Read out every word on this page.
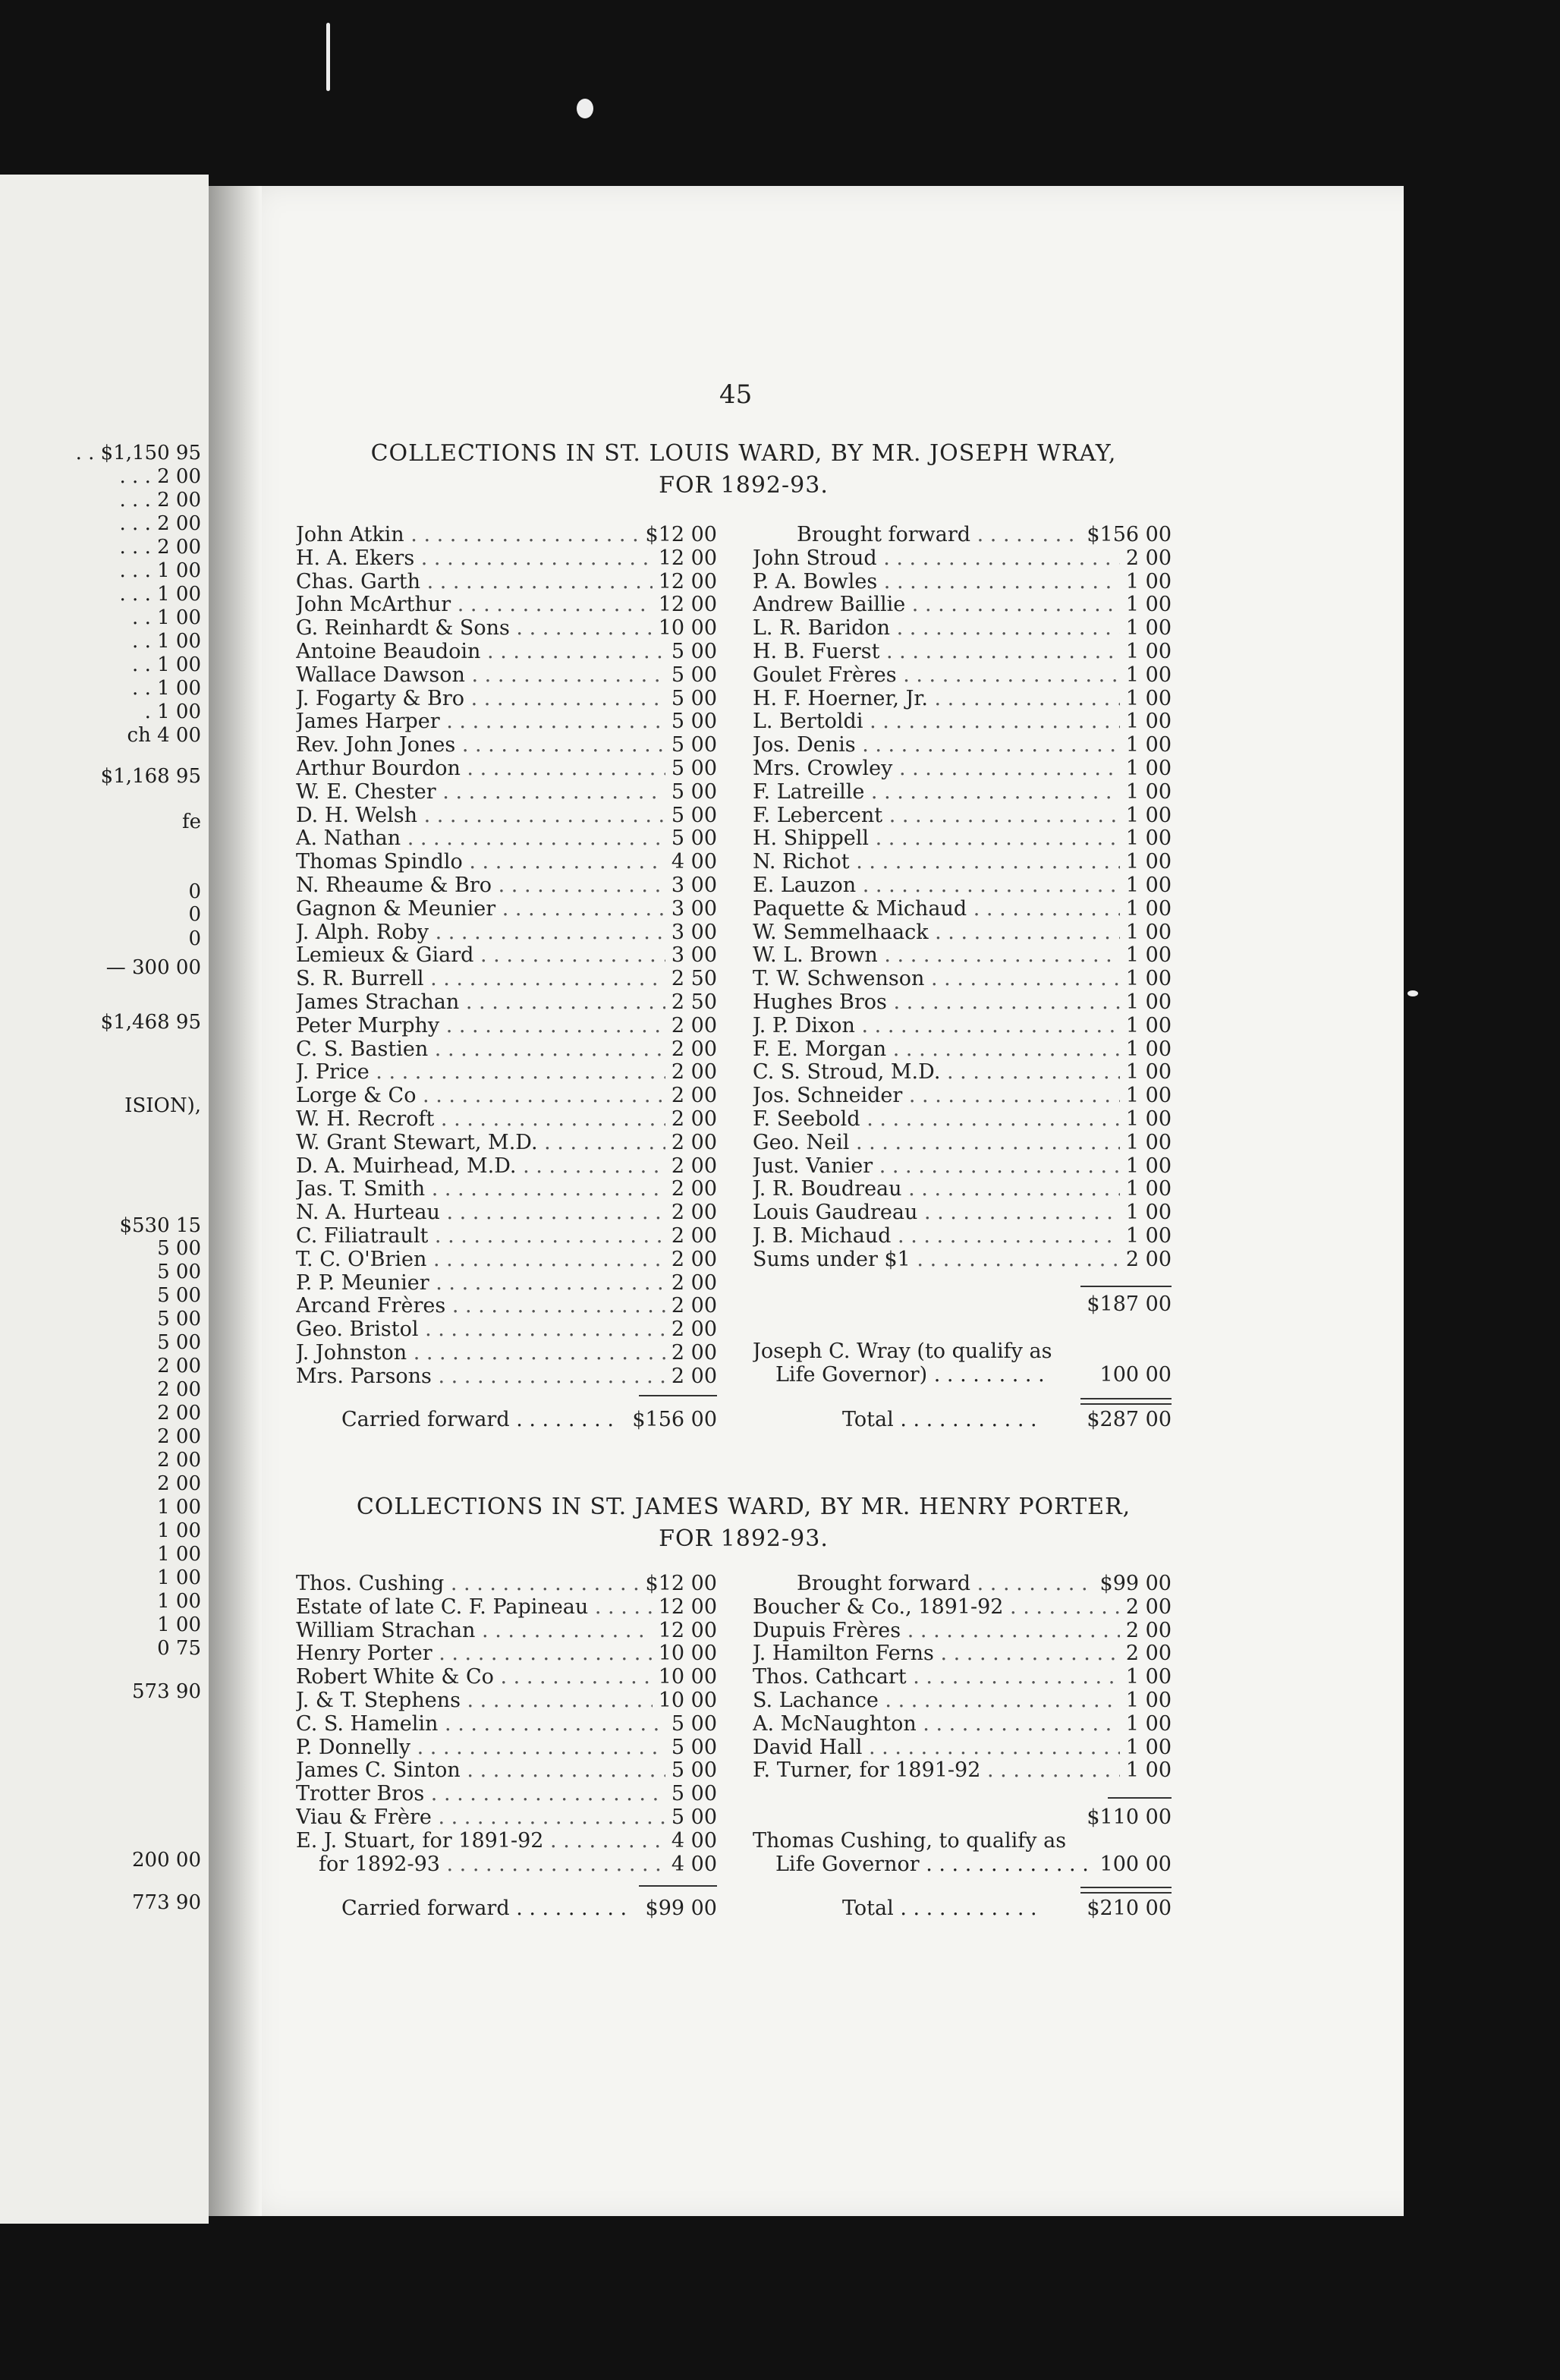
. . $1,150 95
. . . 2 00
. . . 2 00
. . . 2 00
. . . 2 00
. . . 1 00
. . . 1 00
. . 1 00
. . 1 00
. . 1 00
. . 1 00
. 1 00
ch 4 00
$1,168 95
fe
0
0
0
— 300 00
$1,468 95
ISION),
$530 15
5 00
5 00
5 00
5 00
5 00
2 00
2 00
2 00
2 00
2 00
2 00
1 00
1 00
1 00
1 00
1 00
1 00
0 75
573 90
200 00
773 90
45
COLLECTIONS IN ST. LOUIS WARD, BY MR. JOSEPH WRAY,
FOR 1892-93.
John Atkin . . .	$12 00
H. A. Ekers . . .	12 00
Chas. Garth . . .	12 00
John McArthur . . .	12 00
G. Reinhardt & Sons . . .	10 00
Antoine Beaudoin . . .	5 00
Wallace Dawson . . .	5 00
J. Fogarty & Bro . . .	5 00
James Harper . . .	5 00
Rev. John Jones . . .	5 00
Arthur Bourdon . . .	5 00
W. E. Chester . . .	5 00
D. H. Welsh . . .	5 00
A. Nathan . . .	5 00
Thomas Spindlo . . .	4 00
N. Rheaume & Bro . . .	3 00
Gagnon & Meunier . . .	3 00
J. Alph. Roby . . .	3 00
Lemieux & Giard . . .	3 00
S. R. Burrell . . .	2 50
James Strachan . . .	2 50
Peter Murphy . . .	2 00
C. S. Bastien . . .	2 00
J. Price . . .	2 00
Lorge & Co . . .	2 00
W. H. Recroft . . .	2 00
W. Grant Stewart, M.D. . . .	2 00
D. A. Muirhead, M.D. . . .	2 00
Jas. T. Smith . . .	2 00
N. A. Hurteau . . .	2 00
C. Filiatrault . . .	2 00
T. C. O'Brien . . .	2 00
P. P. Meunier . . .	2 00
Arcand Frères . . .	2 00
Geo. Bristol . . .	2 00
J. Johnston . . .	2 00
Mrs. Parsons . . .	2 00
Brought forward . . .	$156 00
John Stroud . . .	2 00
P. A. Bowles . . .	1 00
Andrew Baillie . . .	1 00
L. R. Baridon . . .	1 00
H. B. Fuerst . . .	1 00
Goulet Frères . . .	1 00
H. F. Hoerner, Jr. . . .	1 00
L. Bertoldi . . .	1 00
Jos. Denis . . .	1 00
Mrs. Crowley . . .	1 00
F. Latreille . . .	1 00
F. Lebercent . . .	1 00
H. Shippell . . .	1 00
N. Richot . . .	1 00
E. Lauzon . . .	1 00
Paquette & Michaud . . .	1 00
W. Semmelhaack . . .	1 00
W. L. Brown . . .	1 00
T. W. Schwenson . . .	1 00
Hughes Bros . . .	1 00
J. P. Dixon . . .	1 00
F. E. Morgan . . .	1 00
C. S. Stroud, M.D. . . .	1 00
Jos. Schneider . . .	1 00
F. Seebold . . .	1 00
Geo. Neil . . .	1 00
Just. Vanier . . .	1 00
J. R. Boudreau . . .	1 00
Louis Gaudreau . . .	1 00
J. B. Michaud . . .	1 00
Sums under $1 . . .	2 00
Carried forward . . . . . . . . $156 00
$187 00
Joseph C. Wray (to qualify as
Life Governor) . . . . . . . . .	100 00
Total . . . . . . . . . . .	$287 00
COLLECTIONS IN ST. JAMES WARD, BY MR. HENRY PORTER,
FOR 1892-93.
Thos. Cushing . . .	$12 00
Estate of late C. F. Papineau . . .	12 00
William Strachan . . .	12 00
Henry Porter . . .	10 00
Robert White & Co . . .	10 00
J. & T. Stephens . . .	10 00
C. S. Hamelin . . .	5 00
P. Donnelly . . .	5 00
James C. Sinton . . .	5 00
Trotter Bros . . .	5 00
Viau & Frère . . .	5 00
E. J. Stuart, for 1891-92 . . .	4 00
for 1892-93 . . .	4 00
Brought forward . . .	$99 00
Boucher & Co., 1891-92 . . .	2 00
Dupuis Frères . . .	2 00
J. Hamilton Ferns . . .	2 00
Thos. Cathcart . . .	1 00
S. Lachance . . .	1 00
A. McNaughton . . .	1 00
David Hall . . .	1 00
F. Turner, for 1891-92 . . .	1 00
Carried forward . . . . . . . . . $99 00
$110 00
Thomas Cushing, to qualify as
Life Governor . . . . . . . . . . . . . 100 00
Total . . . . . . . . . . .	$210 00
